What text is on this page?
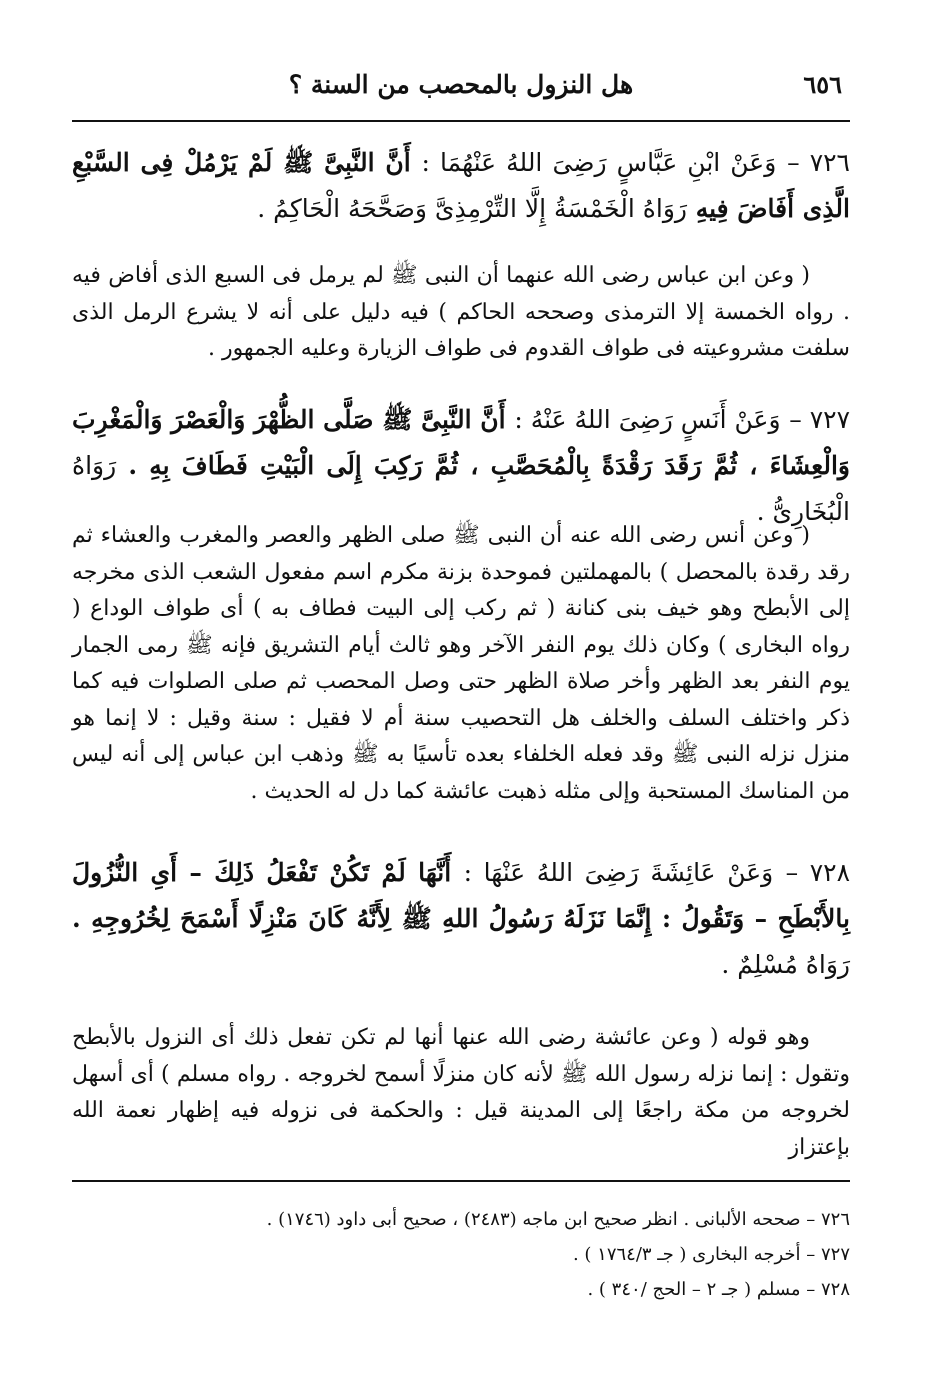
٦٥٦
هل النزول بالمحصب من السنة ؟
٧٢٦ – وَعَنْ ابْنِ عَبَّاسٍ رَضِىَ اللهُ عَنْهُمَا : أَنَّ النَّبِىَّ ﷺ لَمْ يَرْمُلْ فِى السَّبْعِ الَّذِى أَفَاضَ فِيهِ رَوَاهُ الْخَمْسَةُ إِلَّا التِّرْمِذِىَّ وَصَحَّحَهُ الْحَاكِمُ .
( وعن ابن عباس رضى الله عنهما أن النبى ﷺ لم يرمل فى السبع الذى أفاض فيه . رواه الخمسة إلا الترمذى وصححه الحاكم ) فيه دليل على أنه لا يشرع الرمل الذى سلفت مشروعيته فى طواف القدوم فى طواف الزيارة وعليه الجمهور .
٧٢٧ – وَعَنْ أَنَسٍ رَضِىَ اللهُ عَنْهُ : أَنَّ النَّبِىَّ ﷺ صَلَّى الظُّهْرَ وَالْعَصْرَ وَالْمَغْرِبَ وَالْعِشَاءَ ، ثُمَّ رَقَدَ رَقْدَةً بِالْمُحَصَّبِ ، ثُمَّ رَكِبَ إِلَى الْبَيْتِ فَطَافَ بِهِ . رَوَاهُ الْبُخَارِىُّ .
( وعن أنس رضى الله عنه أن النبى ﷺ صلى الظهر والعصر والمغرب والعشاء ثم رقد رقدة بالمحصل ) بالمهملتين فموحدة بزنة مكرم اسم مفعول الشعب الذى مخرجه إلى الأبطح وهو خيف بنى كنانة ( ثم ركب إلى البيت فطاف به ) أى طواف الوداع ( رواه البخارى ) وكان ذلك يوم النفر الآخر وهو ثالث أيام التشريق فإنه ﷺ رمى الجمار يوم النفر بعد الظهر وأخر صلاة الظهر حتى وصل المحصب ثم صلى الصلوات فيه كما ذكر واختلف السلف والخلف هل التحصيب سنة أم لا فقيل : سنة وقيل : لا إنما هو منزل نزله النبى ﷺ وقد فعله الخلفاء بعده تأسيًا به ﷺ وذهب ابن عباس إلى أنه ليس من المناسك المستحبة وإلى مثله ذهبت عائشة كما دل له الحديث .
٧٢٨ – وَعَنْ عَائِشَةَ رَضِىَ اللهُ عَنْهَا : أَنَّهَا لَمْ تَكُنْ تَفْعَلُ ذَلِكَ – أَىِ النُّزُولَ بِالأَبْطَحِ – وَتَقُولُ : إِنَّمَا نَزَلَهُ رَسُولُ اللهِ ﷺ لِأَنَّهُ كَانَ مَنْزِلًا أَسْمَحَ لِخُرُوجِهِ . رَوَاهُ مُسْلِمٌ .
وهو قوله ( وعن عائشة رضى الله عنها أنها لم تكن تفعل ذلك أى النزول بالأبطح وتقول : إنما نزله رسول الله ﷺ لأنه كان منزلًا أسمح لخروجه . رواه مسلم ) أى أسهل لخروجه من مكة راجعًا إلى المدينة قيل : والحكمة فى نزوله فيه إظهار نعمة الله بإعتزاز
٧٢٦ – صححه الألبانى . انظر صحيح ابن ماجه (٢٤٨٣) ، صحيح أبى داود (١٧٤٦) .
٧٢٧ – أخرجه البخارى ( جـ ١٧٦٤/٣ ) .
٧٢٨ – مسلم ( جـ ٢ – الحج /٣٤٠ ) .
